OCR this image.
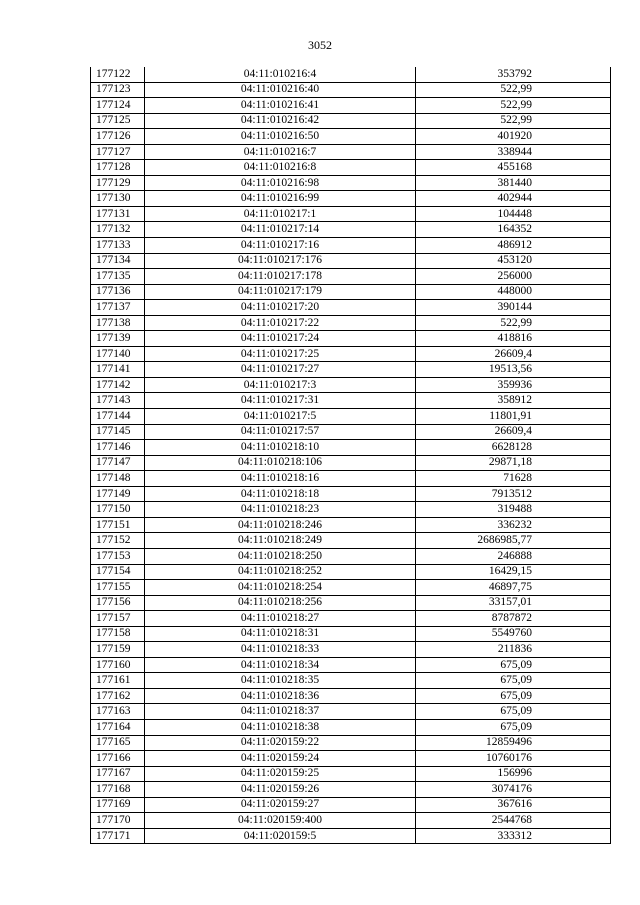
3052
177122	04:11:010216:4	353792
177123	04:11:010216:40	522,99
177124	04:11:010216:41	522,99
177125	04:11:010216:42	522,99
177126	04:11:010216:50	401920
177127	04:11:010216:7	338944
177128	04:11:010216:8	455168
177129	04:11:010216:98	381440
177130	04:11:010216:99	402944
177131	04:11:010217:1	104448
177132	04:11:010217:14	164352
177133	04:11:010217:16	486912
177134	04:11:010217:176	453120
177135	04:11:010217:178	256000
177136	04:11:010217:179	448000
177137	04:11:010217:20	390144
177138	04:11:010217:22	522,99
177139	04:11:010217:24	418816
177140	04:11:010217:25	26609,4
177141	04:11:010217:27	19513,56
177142	04:11:010217:3	359936
177143	04:11:010217:31	358912
177144	04:11:010217:5	11801,91
177145	04:11:010217:57	26609,4
177146	04:11:010218:10	6628128
177147	04:11:010218:106	29871,18
177148	04:11:010218:16	71628
177149	04:11:010218:18	7913512
177150	04:11:010218:23	319488
177151	04:11:010218:246	336232
177152	04:11:010218:249	2686985,77
177153	04:11:010218:250	246888
177154	04:11:010218:252	16429,15
177155	04:11:010218:254	46897,75
177156	04:11:010218:256	33157,01
177157	04:11:010218:27	8787872
177158	04:11:010218:31	5549760
177159	04:11:010218:33	211836
177160	04:11:010218:34	675,09
177161	04:11:010218:35	675,09
177162	04:11:010218:36	675,09
177163	04:11:010218:37	675,09
177164	04:11:010218:38	675,09
177165	04:11:020159:22	12859496
177166	04:11:020159:24	10760176
177167	04:11:020159:25	156996
177168	04:11:020159:26	3074176
177169	04:11:020159:27	367616
177170	04:11:020159:400	2544768
177171	04:11:020159:5	333312
